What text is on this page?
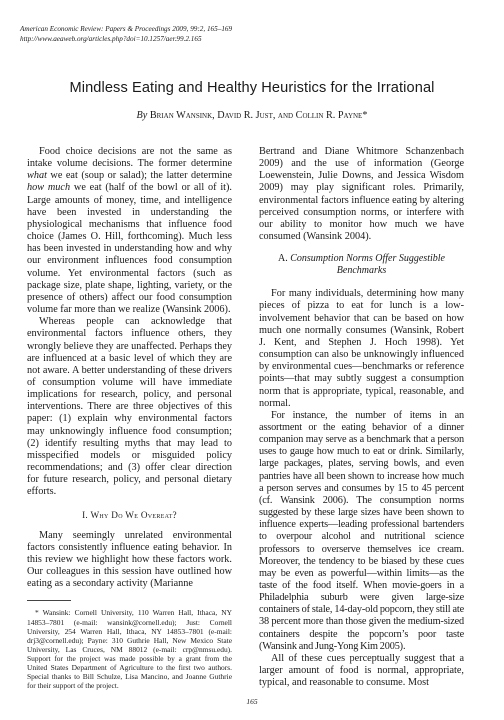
American Economic Review: Papers & Proceedings 2009, 99:2, 165–169
http://www.aeaweb.org/articles.php?doi=10.1257/aer.99.2.165
Mindless Eating and Healthy Heuristics for the Irrational
By Brian Wansink, David R. Just, and Collin R. Payne*

Food choice decisions are not the same as intake volume decisions. The former determine what we eat (soup or salad); the latter determine how much we eat (half of the bowl or all of it). Large amounts of money, time, and intelligence have been invested in understanding the physiological mechanisms that influence food choice (James O. Hill, forthcoming). Much less has been invested in understanding how and why our environment influences food consumption volume. Yet environmental factors (such as package size, plate shape, lighting, variety, or the presence of others) affect our food consumption volume far more than we realize (Wansink 2006).

Whereas people can acknowledge that environmental factors influence others, they wrongly believe they are unaffected. Perhaps they are influenced at a basic level of which they are not aware. A better understanding of these drivers of consumption volume will have immediate implications for research, policy, and personal interventions. There are three objectives of this paper: (1) explain why environmental factors may unknowingly influence food consumption; (2) identify resulting myths that may lead to misspecified models or misguided policy recommendations; and (3) offer clear direction for future research, policy, and personal dietary efforts.

I. Why Do We Overeat?

Many seemingly unrelated environmental factors consistently influence eating behavior. In this review we highlight how these factors work. Our colleagues in this session have outlined how eating as a secondary activity (Marianne

* Wansink: Cornell University, 110 Warren Hall, Ithaca, NY 14853–7801 (e-mail: wansink@cornell.edu); Just: Cornell University, 254 Warren Hall, Ithaca, NY 14853–7801 (e-mail: drj3@cornell.edu); Payne: 310 Guthrie Hall, New Mexico State University, Las Cruces, NM 88012 (e-mail: crp@nmsu.edu). Support for the project was made possible by a grant from the United States Department of Agriculture to the first two authors. Special thanks to Bill Schulze, Lisa Mancino, and Joanne Guthrie for their support of the project.

Bertrand and Diane Whitmore Schanzenbach 2009) and the use of information (George Loewenstein, Julie Downs, and Jessica Wisdom 2009) may play significant roles. Primarily, environmental factors influence eating by altering perceived consumption norms, or interfere with our ability to monitor how much we have consumed (Wansink 2004).

A. Consumption Norms Offer Suggestible Benchmarks

For many individuals, determining how many pieces of pizza to eat for lunch is a low-involvement behavior that can be based on how much one normally consumes (Wansink, Robert J. Kent, and Stephen J. Hoch 1998). Yet consumption can also be unknowingly influenced by environmental cues—benchmarks or reference points—that may subtly suggest a consumption norm that is appropriate, typical, reasonable, and normal.

For instance, the number of items in an assortment or the eating behavior of a dinner companion may serve as a benchmark that a person uses to gauge how much to eat or drink. Similarly, large packages, plates, serving bowls, and even pantries have all been shown to increase how much a person serves and consumes by 15 to 45 percent (cf. Wansink 2006). The consumption norms suggested by these large sizes have been shown to influence experts—leading professional bartenders to overpour alcohol and nutritional science professors to overserve themselves ice cream. Moreover, the tendency to be biased by these cues may be even as powerful—within limits—as the taste of the food itself. When movie-goers in a Philadelphia suburb were given large-size containers of stale, 14-day-old popcorn, they still ate 38 percent more than those given the medium-sized containers despite the popcorn’s poor taste (Wansink and Jung-Yong Kim 2005).

All of these cues perceptually suggest that a larger amount of food is normal, appropriate, typical, and reasonable to consume. Most

165
